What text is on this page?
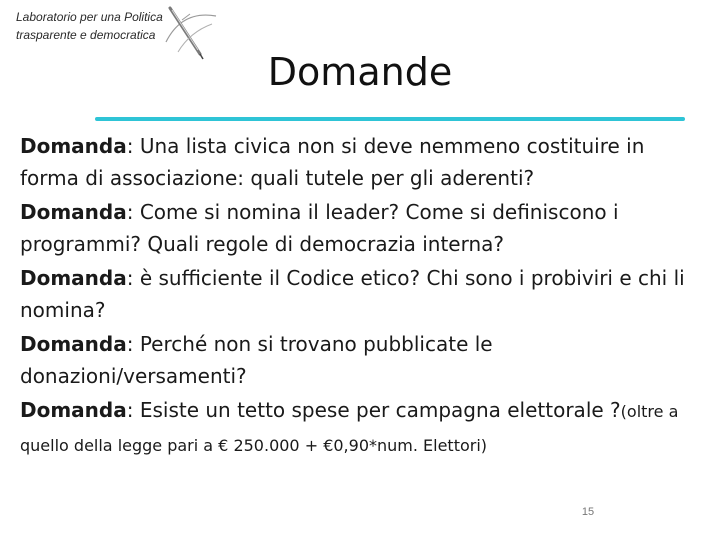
Laboratorio per una Politica
trasparente e democratica
Domande
Domanda: Una lista civica non si deve nemmeno costituire in forma di associazione: quali tutele per gli aderenti?
Domanda: Come si nomina il leader? Come si definiscono i programmi? Quali regole di democrazia interna?
Domanda: è sufficiente il Codice etico? Chi sono i probiviri e chi li nomina?
Domanda: Perché non si trovano pubblicate le donazioni/versamenti?
Domanda: Esiste un tetto spese per campagna elettorale ?(oltre a quello della legge pari a € 250.000 + €0,90*num. Elettori)
15
